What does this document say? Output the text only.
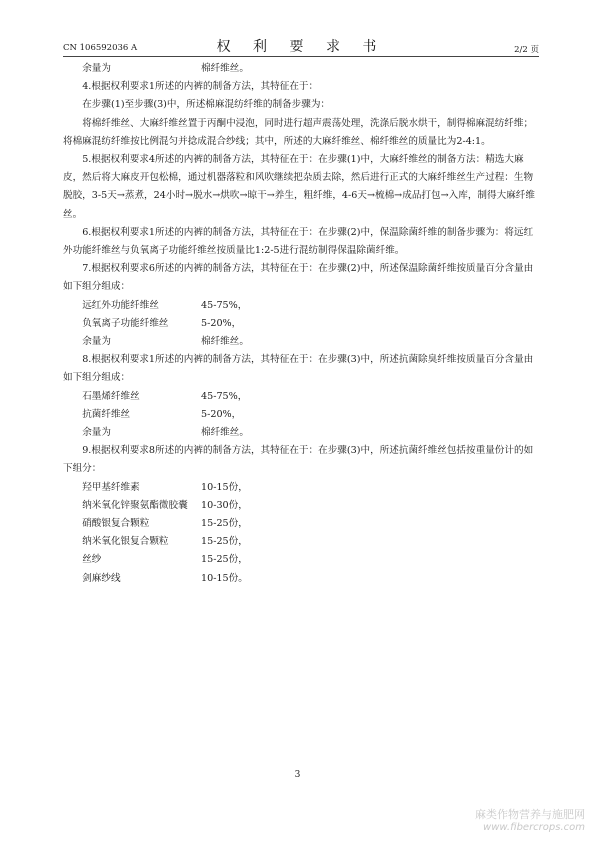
CN 106592036 A	权 利 要 求 书	2/2 页
余量为	棉纤维丝。

4.根据权利要求1所述的内裤的制备方法，其特征在于：

在步骤(1)至步骤(3)中，所述棉麻混纺纤维的制备步骤为：

将棉纤维丝、大麻纤维丝置于丙酮中浸泡，同时进行超声震荡处理，洗涤后脱水烘干，制得棉麻混纺纤维；将棉麻混纺纤维按比例混匀并捻成混合纱线；其中，所述的大麻纤维丝、棉纤维丝的质量比为2-4:1。

5.根据权利要求4所述的内裤的制备方法，其特征在于：在步骤(1)中，大麻纤维丝的制备方法：精选大麻皮，然后将大麻皮开包松棉，通过机器落粒和风吹继续把杂质去除，然后进行正式的大麻纤维丝生产过程：生物脱胶，3-5天→蒸煮，24小时→脱水→烘吹→晾干→养生，粗纤维，4-6天→梳棉→成品打包→入库，制得大麻纤维丝。

6.根据权利要求1所述的内裤的制备方法，其特征在于：在步骤(2)中，保温除菌纤维的制备步骤为：将远红外功能纤维丝与负氧离子功能纤维丝按质量比1:2-5进行混纺制得保温除菌纤维。

7.根据权利要求6所述的内裤的制备方法，其特征在于：在步骤(2)中，所述保温除菌纤维按质量百分含量由如下组分组成：

远红外功能纤维丝	45-75%，
负氧离子功能纤维丝	5-20%，
余量为	棉纤维丝。

8.根据权利要求1所述的内裤的制备方法，其特征在于：在步骤(3)中，所述抗菌除臭纤维按质量百分含量由如下组分组成：

石墨烯纤维丝	45-75%，
抗菌纤维丝	5-20%，
余量为	棉纤维丝。

9.根据权利要求8所述的内裤的制备方法，其特征在于：在步骤(3)中，所述抗菌纤维丝包括按重量份计的如下组分：

羟甲基纤维素	10-15份，
纳米氧化锌聚氨酯微胶囊	10-30份，
硝酸银复合颗粒	15-25份，
纳米氧化银复合颗粒	15-25份，
丝纱	15-25份，
剑麻纱线	10-15份。
3
麻类作物营养与施肥网
www.fibercrops.com
